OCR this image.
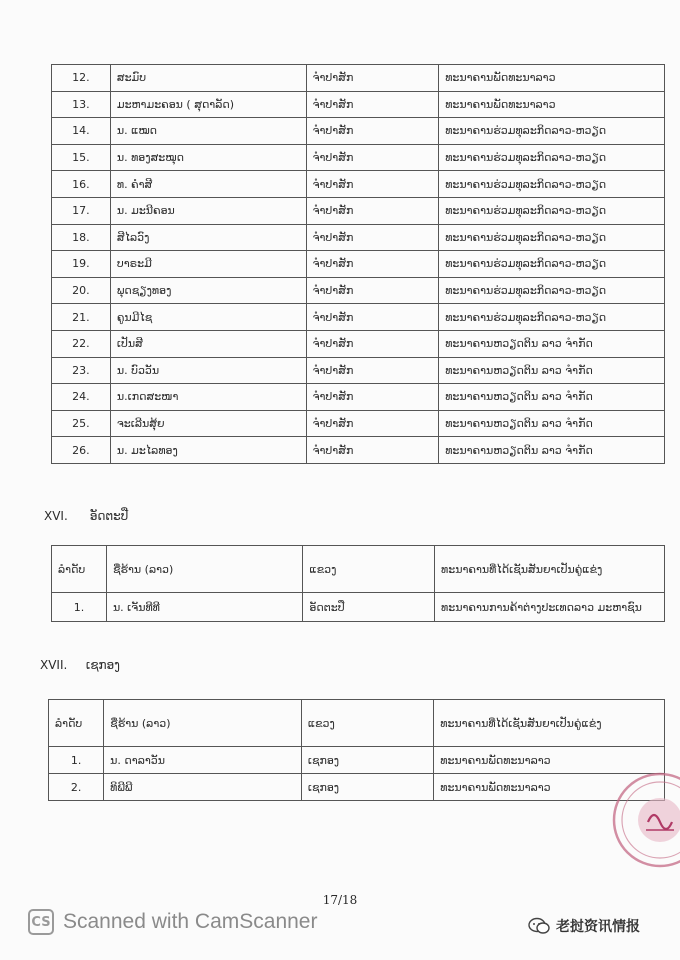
12.	ສະມົບ	ຈຳປາສັກ	ທະນາຄານພັດທະນາລາວ
13.	ມະຫາມະຄອນ ( ສຸດາລັດ)	ຈຳປາສັກ	ທະນາຄານພັດທະນາລາວ
14.	ນ. ແໝດ	ຈຳປາສັກ	ທະນາຄານຮ່ວມທຸລະກິດລາວ-ຫວຽດ
15.	ນ. ທອງສະໝຸດ	ຈຳປາສັກ	ທະນາຄານຮ່ວມທຸລະກິດລາວ-ຫວຽດ
16.	ທ. ຄຳສີ	ຈຳປາສັກ	ທະນາຄານຮ່ວມທຸລະກິດລາວ-ຫວຽດ
17.	ນ. ມະນີຄອນ	ຈຳປາສັກ	ທະນາຄານຮ່ວມທຸລະກິດລາວ-ຫວຽດ
18.	ສີໄລວົງ	ຈຳປາສັກ	ທະນາຄານຮ່ວມທຸລະກິດລາວ-ຫວຽດ
19.	ບາຣະມີ	ຈຳປາສັກ	ທະນາຄານຮ່ວມທຸລະກິດລາວ-ຫວຽດ
20.	ພຸດຊຽງທອງ	ຈຳປາສັກ	ທະນາຄານຮ່ວມທຸລະກິດລາວ-ຫວຽດ
21.	ຄູນມີໄຊ	ຈຳປາສັກ	ທະນາຄານຮ່ວມທຸລະກິດລາວ-ຫວຽດ
22.	ເປັນສີ	ຈຳປາສັກ	ທະນາຄານຫວຽດຕິນ ລາວ ຈຳກັດ
23.	ນ. ບົວວັນ	ຈຳປາສັກ	ທະນາຄານຫວຽດຕິນ ລາວ ຈຳກັດ
24.	ນ.ເກດສະໜາ	ຈຳປາສັກ	ທະນາຄານຫວຽດຕິນ ລາວ ຈຳກັດ
25.	ຈະເລີນສຸ້ຍ	ຈຳປາສັກ	ທະນາຄານຫວຽດຕິນ ລາວ ຈຳກັດ
26.	ນ. ມະໄລທອງ	ຈຳປາສັກ	ທະນາຄານຫວຽດຕິນ ລາວ ຈຳກັດ
XVI. ອັດຕະປື
ລຳດັບ	ຊື່ຮ້ານ (ລາວ)	ແຂວງ	ທະນາຄານທີ່ໄດ້ເຊັນສັນຍາເປັນຄູ່ແຂ່ງ
1.	ນ. ເຈັນທີທີ	ອັດຕະປື	ທະນາຄານການຄ້າຕ່າງປະເທດລາວ ມະຫາຊົນ
XVII. ເຊກອງ
ລຳດັບ	ຊື່ຮ້ານ (ລາວ)	ແຂວງ	ທະນາຄານທີ່ໄດ້ເຊັນສັນຍາເປັນຄູ່ແຂ່ງ
1.	ນ. ດາລາວັນ	ເຊກອງ	ທະນາຄານພັດທະນາລາວ
2.	ທິພີພີ	ເຊກອງ	ທະນາຄານພັດທະນາລາວ
17/18
CS Scanned with CamScanner	老挝资讯情报
